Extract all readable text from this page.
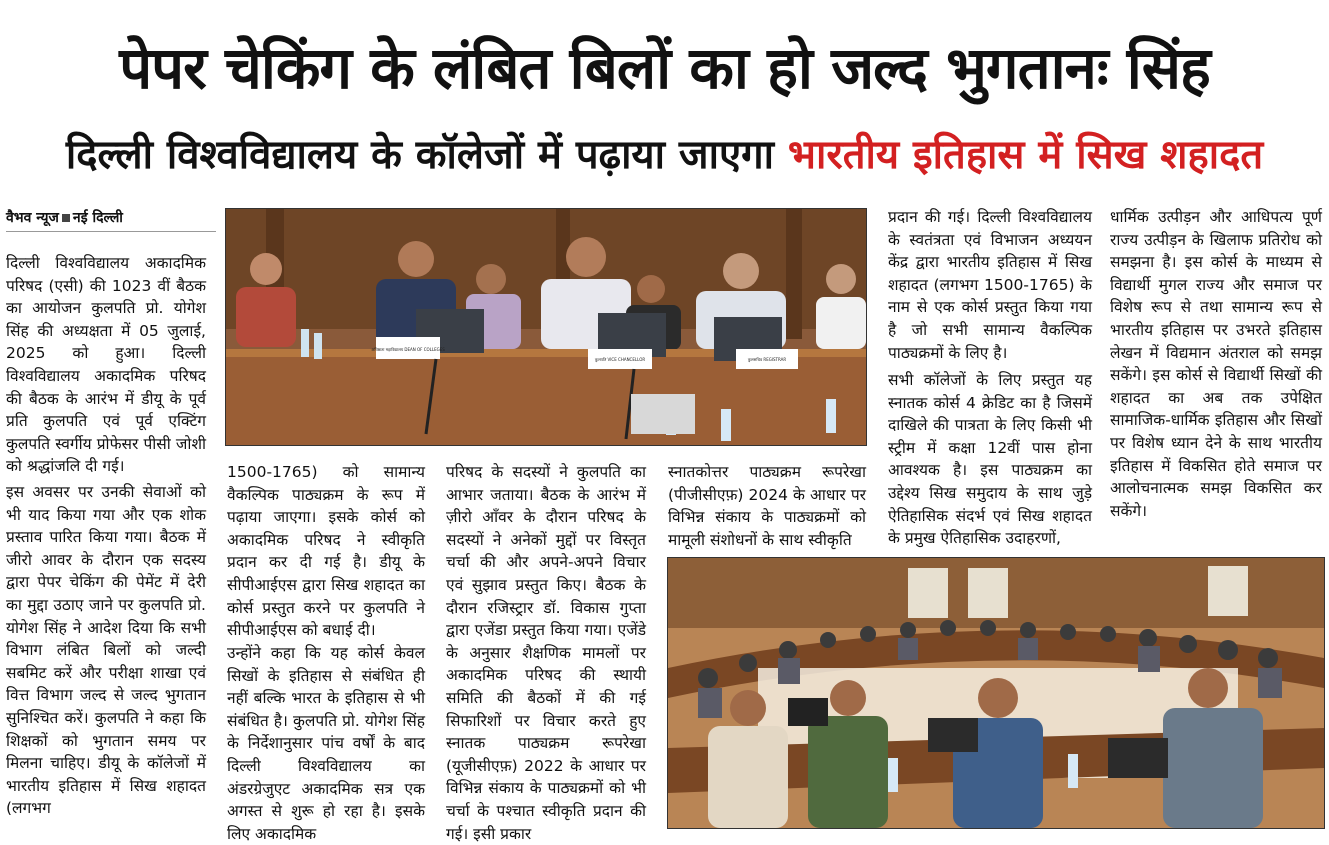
पेपर चेकिंग के लंबित बिलों का हो जल्द भुगतानः सिंह
दिल्ली विश्वविद्यालय के कॉलेजों में पढ़ाया जाएगा भारतीय इतिहास में सिख शहादत
वैभव न्यूज नई दिल्ली

दिल्ली विश्वविद्यालय अकादमिक परिषद (एसी) की 1023 वीं बैठक का आयोजन कुलपति प्रो. योगेश सिंह की अध्यक्षता में 05 जुलाई, 2025 को हुआ। दिल्ली विश्वविद्यालय अकादमिक परिषद की बैठक के आरंभ में डीयू के पूर्व प्रति कुलपति एवं पूर्व एक्टिंग कुलपति स्वर्गीय प्रोफेसर पीसी जोशी को श्रद्धांजलि दी गई।

इस अवसर पर उनकी सेवाओं को भी याद किया गया और एक शोक प्रस्ताव पारित किया गया। बैठक में जीरो आवर के दौरान एक सदस्य द्वारा पेपर चेकिंग की पेमेंट में देरी का मुद्दा उठाए जाने पर कुलपति प्रो. योगेश सिंह ने आदेश दिया कि सभी विभाग लंबित बिलों को जल्दी सबमिट करें और परीक्षा शाखा एवं वित्त विभाग जल्द से जल्द भुगतान सुनिश्चित करें। कुलपति ने कहा कि शिक्षकों को भुगतान समय पर मिलना चाहिए। डीयू के कॉलेजों में भारतीय इतिहास में सिख शहादत (लगभग

अधिष्ठाता महाविद्यालय DEAN OF COLLEGES
कुलपति VICE CHANCELLOR	कुलसचिव REGISTRAR

1500-1765) को सामान्य वैकल्पिक पाठ्यक्रम के रूप में पढ़ाया जाएगा। इसके कोर्स को अकादमिक परिषद ने स्वीकृति प्रदान कर दी गई है। डीयू के सीपीआईएस द्वारा सिख शहादत का कोर्स प्रस्तुत करने पर कुलपति ने सीपीआईएस को बधाई दी।

उन्होंने कहा कि यह कोर्स केवल सिखों के इतिहास से संबंधित ही नहीं बल्कि भारत के इतिहास से भी संबंधित है। कुलपति प्रो. योगेश सिंह के निर्देशानुसार पांच वर्षों के बाद दिल्ली विश्वविद्यालय का अंडरग्रेजुएट अकादमिक सत्र एक अगस्त से शुरू हो रहा है। इसके लिए अकादमिक

परिषद के सदस्यों ने कुलपति का आभार जताया। बैठक के आरंभ में ज़ीरो आँवर के दौरान परिषद के सदस्यों ने अनेकों मुद्दों पर विस्तृत चर्चा की और अपने-अपने विचार एवं सुझाव प्रस्तुत किए। बैठक के दौरान रजिस्ट्रार डॉ. विकास गुप्ता द्वारा एजेंडा प्रस्तुत किया गया। एजेंडे के अनुसार शैक्षणिक मामलों पर अकादमिक परिषद की स्थायी समिति की बैठकों में की गई सिफारिशों पर विचार करते हुए स्नातक पाठ्यक्रम रूपरेखा (यूजीसीएफ़) 2022 के आधार पर विभिन्न संकाय के पाठ्यक्रमों को भी चर्चा के पश्चात स्वीकृति प्रदान की गई। इसी प्रकार

स्नातकोत्तर पाठ्यक्रम रूपरेखा (पीजीसीएफ़) 2024 के आधार पर विभिन्न संकाय के पाठ्यक्रमों को मामूली संशोधनों के साथ स्वीकृति

प्रदान की गई। दिल्ली विश्वविद्यालय के स्वतंत्रता एवं विभाजन अध्ययन केंद्र द्वारा भारतीय इतिहास में सिख शहादत (लगभग 1500-1765) के नाम से एक कोर्स प्रस्तुत किया गया है जो सभी सामान्य वैकल्पिक पाठ्यक्रमों के लिए है।

सभी कॉलेजों के लिए प्रस्तुत यह स्नातक कोर्स 4 क्रेडिट का है जिसमें दाखिले की पात्रता के लिए किसी भी स्ट्रीम में कक्षा 12वीं पास होना आवश्यक है। इस पाठ्यक्रम का उद्देश्य सिख समुदाय के साथ जुड़े ऐतिहासिक संदर्भ एवं सिख शहादत के प्रमुख ऐतिहासिक उदाहरणों,

धार्मिक उत्पीड़न और आधिपत्य पूर्ण राज्य उत्पीड़न के खिलाफ प्रतिरोध को समझना है। इस कोर्स के माध्यम से विद्यार्थी मुगल राज्य और समाज पर विशेष रूप से तथा सामान्य रूप से भारतीय इतिहास पर उभरते इतिहास लेखन में विद्यमान अंतराल को समझ सकेंगे। इस कोर्स से विद्यार्थी सिखों की शहादत का अब तक उपेक्षित सामाजिक-धार्मिक इतिहास और सिखों पर विशेष ध्यान देने के साथ भारतीय इतिहास में विकसित होते समाज पर आलोचनात्मक समझ विकसित कर सकेंगे।
